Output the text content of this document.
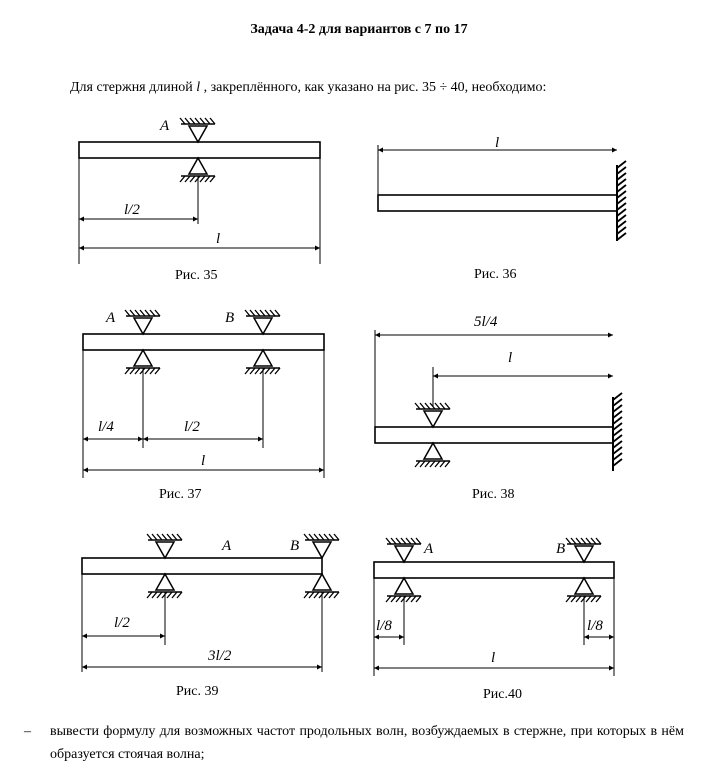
Задача 4-2 для вариантов с 7 по 17
Для стержня длиной l , закреплённого, как указано на рис. 35 ÷ 40, необходимо:
A
l/2
l
Рис. 35
l
Рис. 36
A	B
l/4	l/2
l
Рис. 37
5l/4
l
Рис. 38
A	B
l/2
3l/2
Рис. 39
A	B
l/8	l/8
l
Рис.40
–	вывести формулу для возможных частот продольных волн, возбуждаемых в стержне, при которых в нём образуется стоячая волна;
